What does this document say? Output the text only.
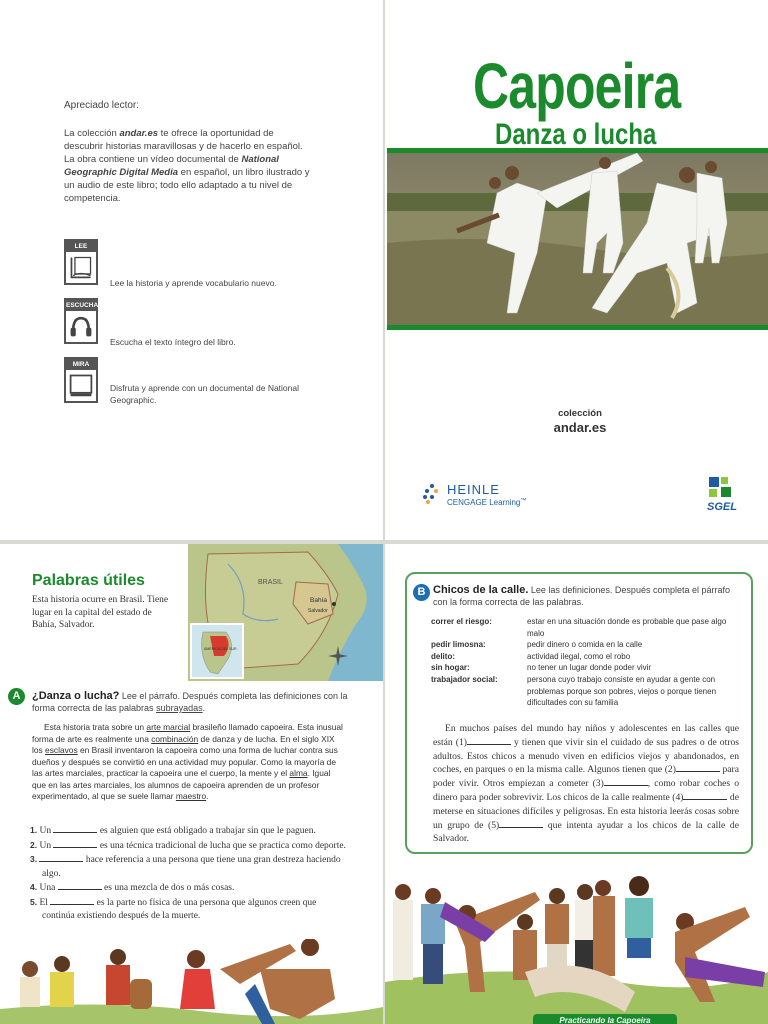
Apreciado lector:
La colección andar.es te ofrece la oportunidad de descubrir historias maravillosas y de hacerlo en español. La obra contiene un vídeo documental de National Geographic Digital Media en español, un libro ilustrado y un audio de este libro; todo ello adaptado a tu nivel de competencia.
LEE
Lee la historia y aprende vocabulario nuevo.
ESCUCHA
Escucha el texto íntegro del libro.
MIRA
Disfruta y aprende con un documental de National Geographic.
Capoeira
Danza o lucha
colección
andar.es
HEINLE
CENGAGE Learning™	SGEL
BRASIL
Bahía
Salvador
AMÉRICA DEL SUR
Palabras útiles
Esta historia ocurre en Brasil. Tiene lugar en la capital del estado de Bahía, Salvador.
A	¿Danza o lucha? Lee el párrafo. Después completa las definiciones con la forma correcta de las palabras subrayadas.
Esta historia trata sobre un arte marcial brasileño llamado capoeira. Esta inusual forma de arte es realmente una combinación de danza y de lucha. En el siglo XIX los esclavos en Brasil inventaron la capoeira como una forma de luchar contra sus dueños y después se convirtió en una actividad muy popular. Como la mayoría de las artes marciales, practicar la capoeira une el cuerpo, la mente y el alma. Igual que en las artes marciales, los alumnos de capoeira aprenden de un profesor experimentado, al que se suele llamar maestro.
1. Un	es alguien que está obligado a trabajar sin que le paguen.
2. Un	es una técnica tradicional de lucha que se practica como deporte.
3.	hace referencia a una persona que tiene una gran destreza haciendo algo.
4. Una	es una mezcla de dos o más cosas.
5. El	es la parte no física de una persona que algunos creen que continúa existiendo después de la muerte.
B Chicos de la calle. Lee las definiciones. Después completa el párrafo con la forma correcta de las palabras.
correr el riesgo:	estar en una situación donde es probable que pase algo malo
pedir limosna:	pedir dinero o comida en la calle
delito:	actividad ilegal, como el robo
sin hogar:	no tener un lugar donde poder vivir
trabajador social:	persona cuyo trabajo consiste en ayudar a gente con problemas porque son pobres, viejos o porque tienen dificultades con su familia
En muchos países del mundo hay niños y adolescentes en las calles que están (1)	y tienen que vivir sin el cuidado de sus padres o de otros adultos. Estos chicos a menudo viven en edificios viejos y abandonados, en coches, en parques o en la misma calle. Algunos tienen que (2)	para poder vivir. Otros empiezan a cometer (3)	, como robar coches o dinero para poder sobrevivir. Los chicos de la calle realmente (4)	de meterse en situaciones difíciles y peligrosas. En esta historia leerás cosas sobre un grupo de (5)	que intenta ayudar a los chicos de la calle de Salvador.
Practicando la Capoeira
